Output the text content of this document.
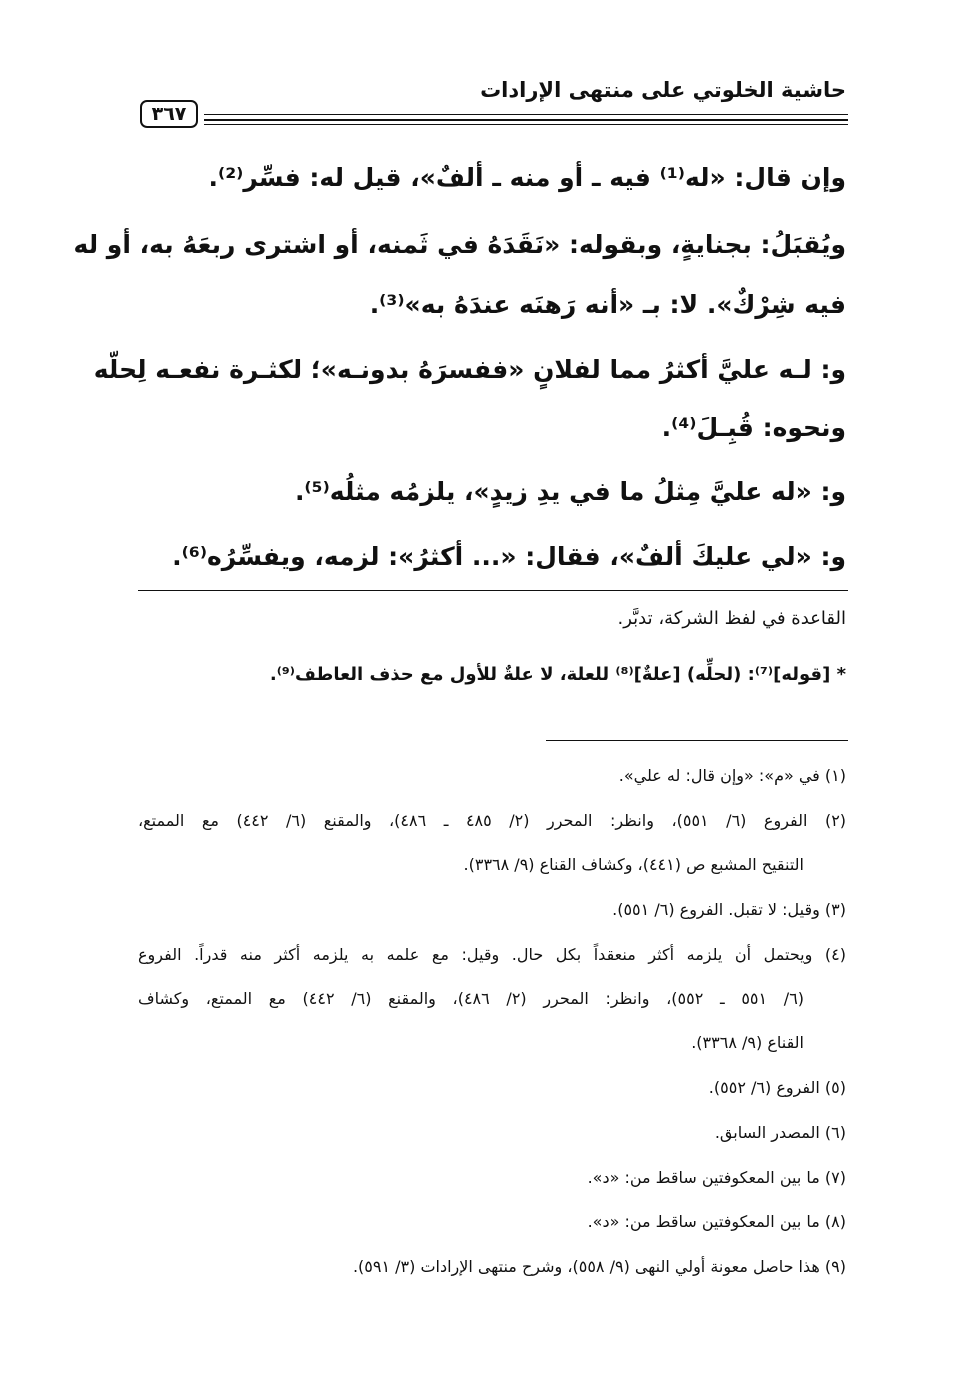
حاشية الخلوتي على منتهى الإرادات
٣٦٧
وإن قال: «له⁽¹⁾ فيه ـ أو منه ـ ألفٌ»، قيل له: فسِّر⁽²⁾.
ويُقبَلُ: بجنايةٍ، وبقوله: «نَقَدَهُ في ثَمنه، أو اشترى ربعَهُ به، أو له
فيه شِرْكٌ». لا: بـ «أنه رَهنَه عندَهُ به»⁽³⁾.
و: لـه عليَّ أكثرُ مما لفلانٍ «ففسرَهُ بدونـه»؛ لكثـرة نفعـه لِحلّه
ونحوه: قُبِـلَ⁽⁴⁾.
و: «له عليَّ مِثلُ ما في يدِ زيدٍ»، يلزمُه مثلُه⁽⁵⁾.
و: «لي عليكَ ألفٌ»، فقال: «... أكثرُ»: لزمه، ويفسِّرُه⁽⁶⁾.
القاعدة في لفظ الشركة، تدبَّر.
* [قوله]⁽⁷⁾: (لحلِّه) [علةٌ]⁽⁸⁾ للعلة، لا علةٌ للأول مع حذف العاطف⁽⁹⁾.
(١) في «م»: «وإن قال: له علي».
(٢) الفروع (٦/ ٥٥١)، وانظر: المحرر (٢/ ٤٨٥ ـ ٤٨٦)، والمقنع (٦/ ٤٤٢) مع الممتع،
التنقيح المشبع ص (٤٤١)، وكشاف القناع (٩/ ٣٣٦٨).
(٣) وقيل: لا تقبل. الفروع (٦/ ٥٥١).
(٤) ويحتمل أن يلزمه أكثر منعقداً بكل حال. وقيل: مع علمه به يلزمه أكثر منه قدراً. الفروع
(٦/ ٥٥١ ـ ٥٥٢)، وانظر: المحرر (٢/ ٤٨٦)، والمقنع (٦/ ٤٤٢) مع الممتع، وكشاف
القناع (٩/ ٣٣٦٨).
(٥) الفروع (٦/ ٥٥٢).
(٦) المصدر السابق.
(٧) ما بين المعكوفتين ساقط من: «د».
(٨) ما بين المعكوفتين ساقط من: «د».
(٩) هذا حاصل معونة أولي النهى (٩/ ٥٥٨)، وشرح منتهى الإرادات (٣/ ٥٩١).
